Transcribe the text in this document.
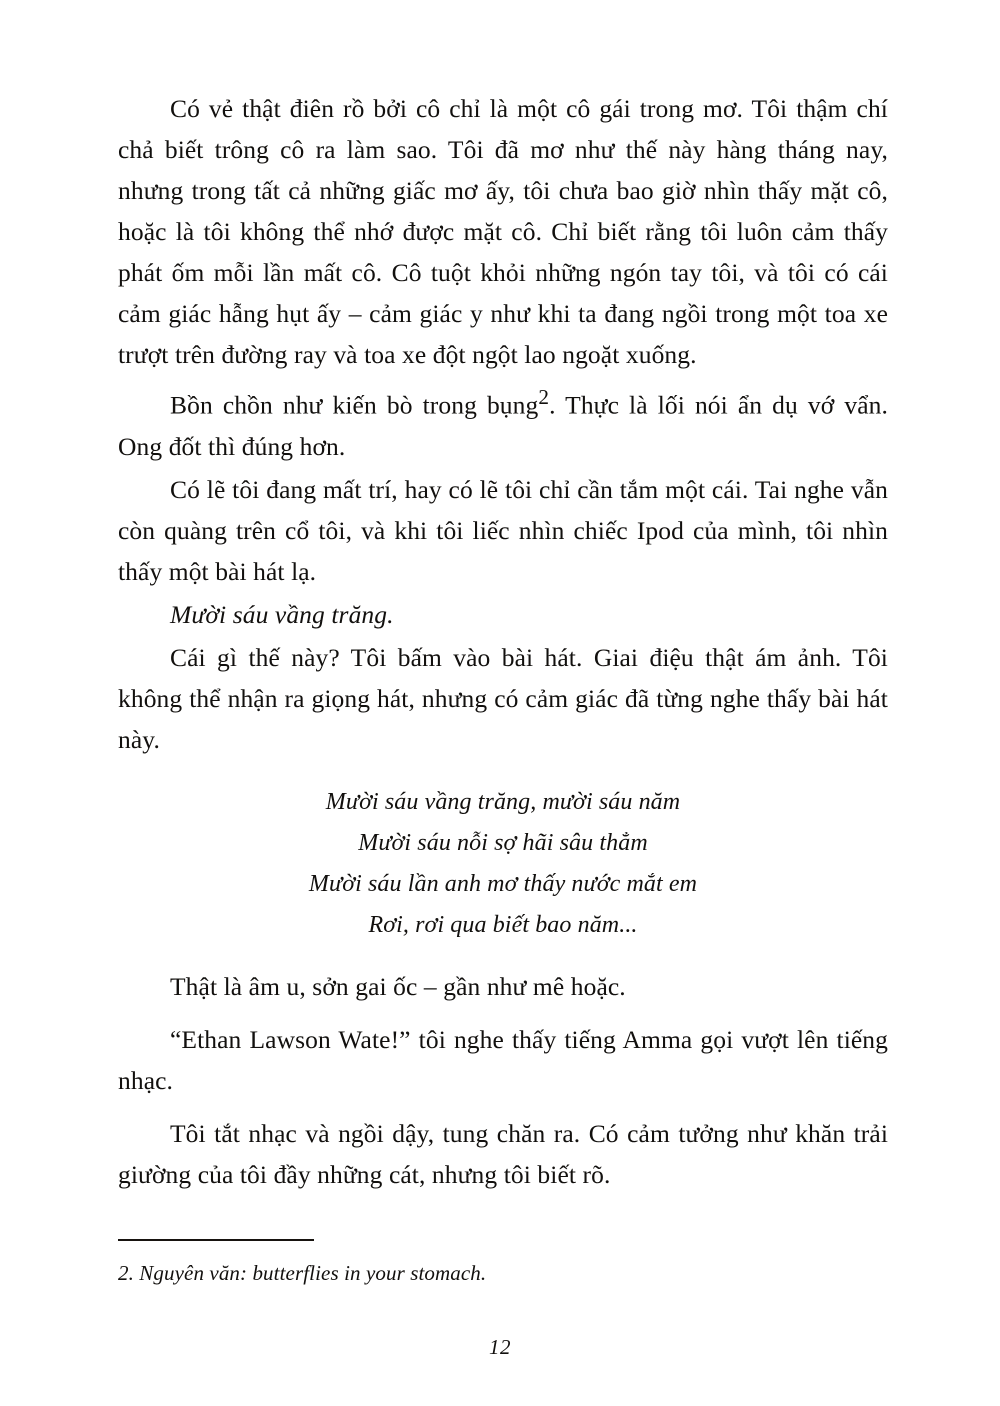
Có vẻ thật điên rồ bởi cô chỉ là một cô gái trong mơ. Tôi thậm chí chả biết trông cô ra làm sao. Tôi đã mơ như thế này hàng tháng nay, nhưng trong tất cả những giấc mơ ấy, tôi chưa bao giờ nhìn thấy mặt cô, hoặc là tôi không thể nhớ được mặt cô. Chỉ biết rằng tôi luôn cảm thấy phát ốm mỗi lần mất cô. Cô tuột khỏi những ngón tay tôi, và tôi có cái cảm giác hẫng hụt ấy – cảm giác y như khi ta đang ngồi trong một toa xe trượt trên đường ray và toa xe đột ngột lao ngoặt xuống.

Bồn chồn như kiến bò trong bụng$^2$. Thực là lối nói ẩn dụ vớ vẩn. Ong đốt thì đúng hơn.

Có lẽ tôi đang mất trí, hay có lẽ tôi chỉ cần tắm một cái. Tai nghe vẫn còn quàng trên cổ tôi, và khi tôi liếc nhìn chiếc Ipod của mình, tôi nhìn thấy một bài hát lạ.

Mười sáu vầng trăng.

Cái gì thế này? Tôi bấm vào bài hát. Giai điệu thật ám ảnh. Tôi không thể nhận ra giọng hát, nhưng có cảm giác đã từng nghe thấy bài hát này.

Mười sáu vầng trăng, mười sáu năm
Mười sáu nỗi sợ hãi sâu thẳm
Mười sáu lần anh mơ thấy nước mắt em
Rơi, rơi qua biết bao năm...

Thật là âm u, sởn gai ốc – gần như mê hoặc.

“Ethan Lawson Wate!” tôi nghe thấy tiếng Amma gọi vượt lên tiếng nhạc.

Tôi tắt nhạc và ngồi dậy, tung chăn ra. Có cảm tưởng như khăn trải giường của tôi đầy những cát, nhưng tôi biết rõ.

2. Nguyên văn: butterflies in your stomach.
12
